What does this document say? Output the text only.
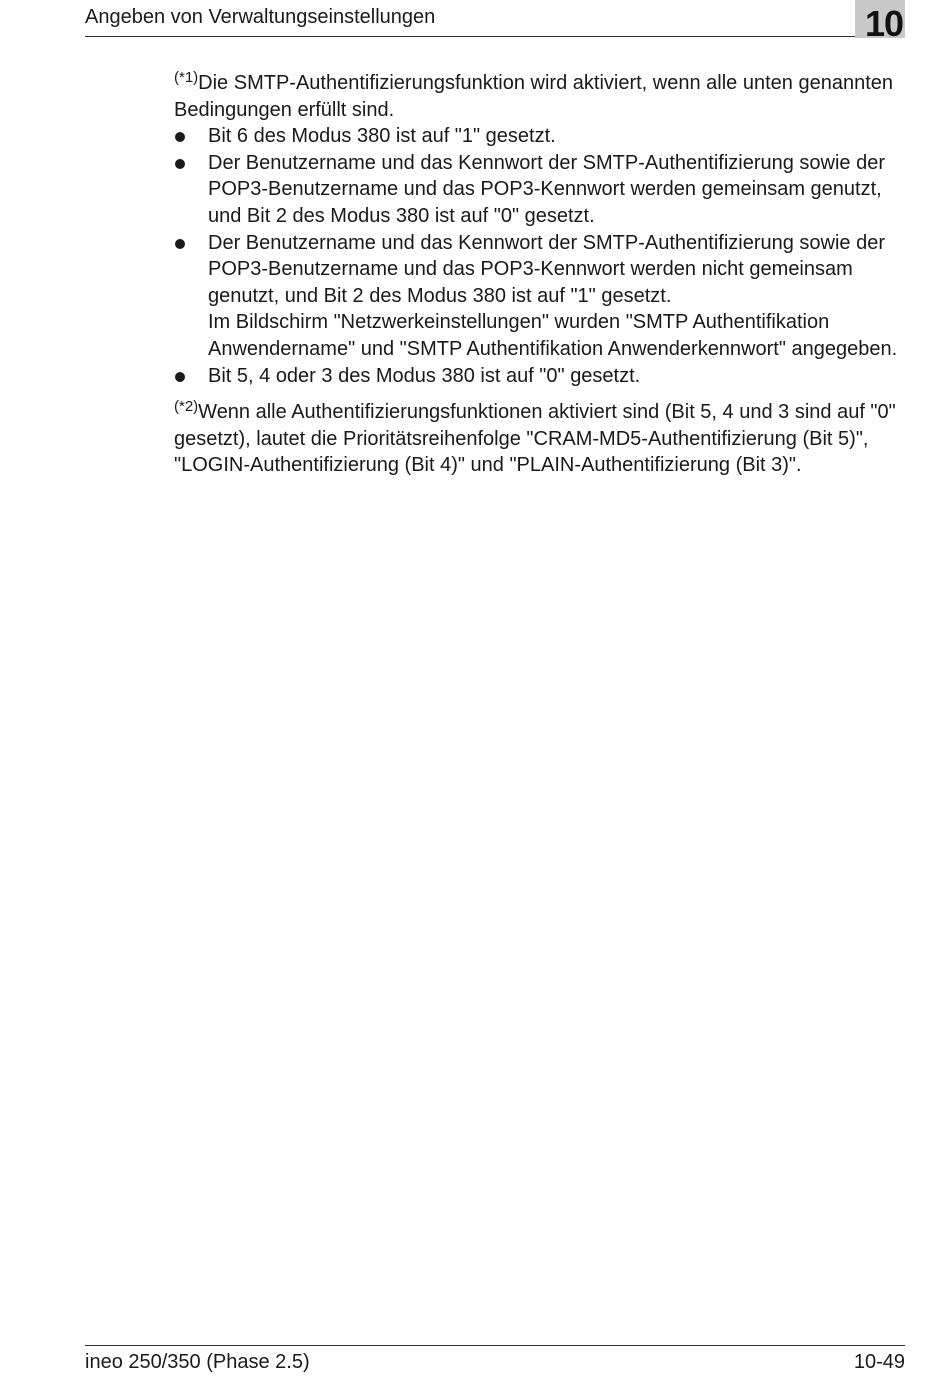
Angeben von Verwaltungseinstellungen	10

$^{(*1)}$Die SMTP-Authentifizierungsfunktion wird aktiviert, wenn alle unten genannten Bedingungen erfüllt sind.

Bit 6 des Modus 380 ist auf "1" gesetzt.
Der Benutzername und das Kennwort der SMTP-Authentifizierung sowie der POP3-Benutzername und das POP3-Kennwort werden gemeinsam genutzt, und Bit 2 des Modus 380 ist auf "0" gesetzt.
Der Benutzername und das Kennwort der SMTP-Authentifizierung sowie der POP3-Benutzername und das POP3-Kennwort werden nicht gemeinsam genutzt, und Bit 2 des Modus 380 ist auf "1" gesetzt.
Im Bildschirm "Netzwerkeinstellungen" wurden "SMTP Authentifikation Anwendername" und "SMTP Authentifikation Anwenderkennwort" angegeben.
Bit 5, 4 oder 3 des Modus 380 ist auf "0" gesetzt.

$^{(*2)}$Wenn alle Authentifizierungsfunktionen aktiviert sind (Bit 5, 4 und 3 sind auf "0" gesetzt), lautet die Prioritätsreihenfolge "CRAM-MD5-Authentifizierung (Bit 5)", "LOGIN-Authentifizierung (Bit 4)" und "PLAIN-Authentifizierung (Bit 3)".

ineo 250/350 (Phase 2.5)	10-49
